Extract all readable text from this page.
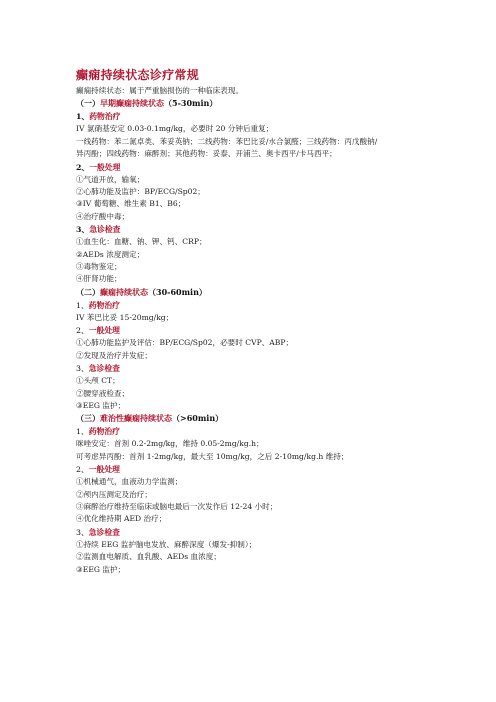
癫痫持续状态诊疗常规
癫痫持续状态：属于严重脑损伤的一种临床表现。
（一）早期癫痫持续状态（5-30min）
1、药物治疗
IV 氯硝基安定 0.03-0.1mg/kg，必要时 20 分钟后重复；
一线药物：苯二氮卓类、苯妥英钠；二线药物：苯巴比妥/水合氯醛；三线药物：丙戊酸钠/
异丙酚；四线药物：麻醉剂；其他药物：妥泰、开浦兰、奥卡西平/卡马西平；
2、一般处理
①气道开放，输氧；
②心肺功能及监护：BP/ECG/Sp02；
③IV 葡萄糖、维生素 B1、B6；
④治疗酸中毒；
3、急诊检查
①血生化：血糖、钠、钾、钙、CRP；
②AEDs 浓度测定；
③毒物鉴定；
④肝肾功能；
（二）癫痫持续状态（30-60min）
1、药物治疗
IV 苯巴比妥 15-20mg/kg；
2、一般处理
①心肺功能监护及评估：BP/ECG/Sp02，必要时 CVP、ABP；
②发现及治疗并发症；
3、急诊检查
①头颅 CT；
②腰穿液检查；
③EEG 监护；
（三）难治性癫痫持续状态（>60min）
1、药物治疗
咪唑安定：首剂 0.2-2mg/kg，维持 0.05-2mg/kg.h；
可考虑异丙酚：首剂 1-2mg/kg，最大至 10mg/kg，之后 2-10mg/kg.h 维持；
2、一般处理
①机械通气，血液动力学监测；
②颅内压测定及治疗；
③麻醉治疗维持至临床或脑电最后一次发作后 12-24 小时；
④优化维持期 AED 治疗；
3、急诊检查
①持续 EEG 监护脑电发放、麻醉深度（爆发-抑制）；
②监测血电解质、血乳酸、AEDs 血浓度；
③EEG 监护；
